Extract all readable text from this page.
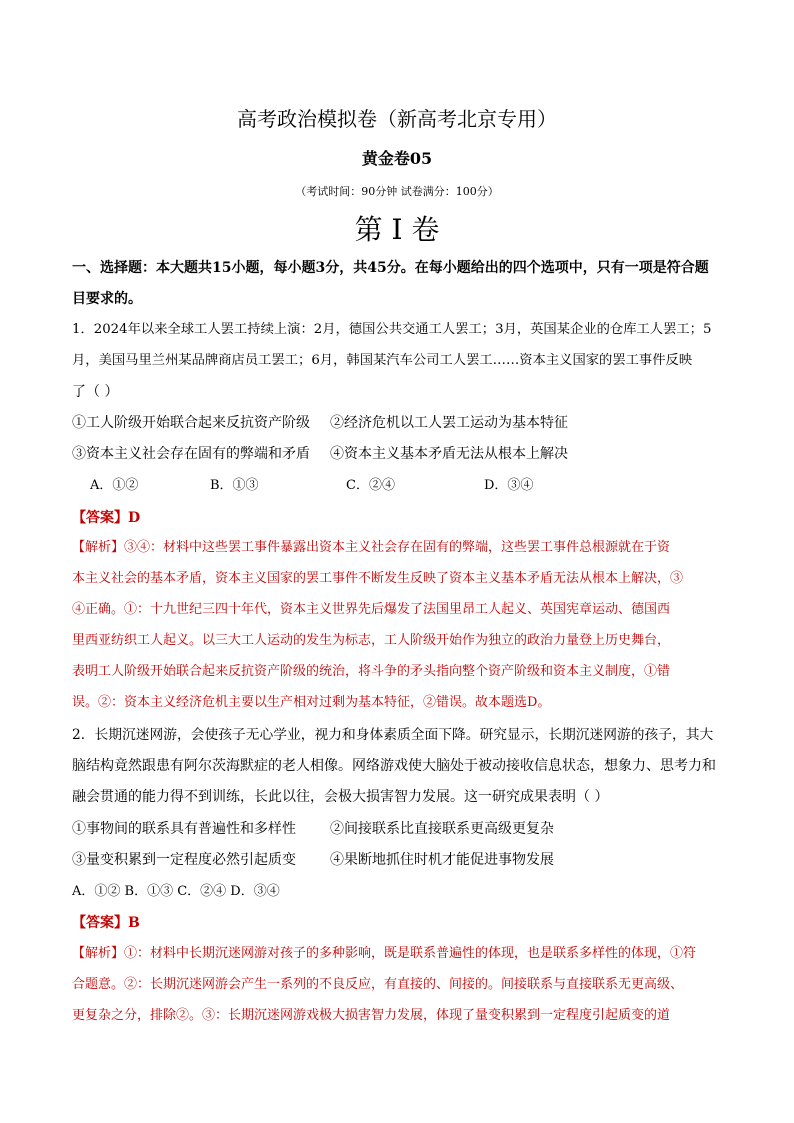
高考政治模拟卷（新高考北京专用）
黄金卷05
（考试时间：90分钟 试卷满分：100分）
第 I 卷
一、选择题：本大题共15小题，每小题3分，共45分。在每小题给出的四个选项中，只有一项是符合题
目要求的。
1．2024年以来全球工人罢工持续上演：2月，德国公共交通工人罢工；3月，英国某企业的仓库工人罢工；5
月，美国马里兰州某品牌商店员工罢工；6月，韩国某汽车公司工人罢工……资本主义国家的罢工事件反映
了（ ）
①工人阶级开始联合起来反抗资产阶级 ②经济危机以工人罢工运动为基本特征
③资本主义社会存在固有的弊端和矛盾 ④资本主义基本矛盾无法从根本上解决
A．①②	B．①③	C．②④	D．③④
【答案】D
【解析】③④：材料中这些罢工事件暴露出资本主义社会存在固有的弊端，这些罢工事件总根源就在于资
本主义社会的基本矛盾，资本主义国家的罢工事件不断发生反映了资本主义基本矛盾无法从根本上解决，③
④正确。①：十九世纪三四十年代，资本主义世界先后爆发了法国里昂工人起义、英国宪章运动、德国西
里西亚纺织工人起义。以三大工人运动的发生为标志，工人阶级开始作为独立的政治力量登上历史舞台，
表明工人阶级开始联合起来反抗资产阶级的统治，将斗争的矛头指向整个资产阶级和资本主义制度，①错
误。②：资本主义经济危机主要以生产相对过剩为基本特征，②错误。故本题选D。
2．长期沉迷网游，会使孩子无心学业，视力和身体素质全面下降。研究显示，长期沉迷网游的孩子，其大
脑结构竟然跟患有阿尔茨海默症的老人相像。网络游戏使大脑处于被动接收信息状态，想象力、思考力和
融会贯通的能力得不到训练，长此以往，会极大损害智力发展。这一研究成果表明（ ）
①事物间的联系具有普遍性和多样性 ②间接联系比直接联系更高级更复杂
③量变积累到一定程度必然引起质变 ④果断地抓住时机才能促进事物发展
A．①② B．①③ C．②④ D．③④
【答案】B
【解析】①：材料中长期沉迷网游对孩子的多种影响，既是联系普遍性的体现，也是联系多样性的体现，①符
合题意。②：长期沉迷网游会产生一系列的不良反应，有直接的、间接的。间接联系与直接联系无更高级、
更复杂之分，排除②。③：长期沉迷网游戏极大损害智力发展，体现了量变积累到一定程度引起质变的道
